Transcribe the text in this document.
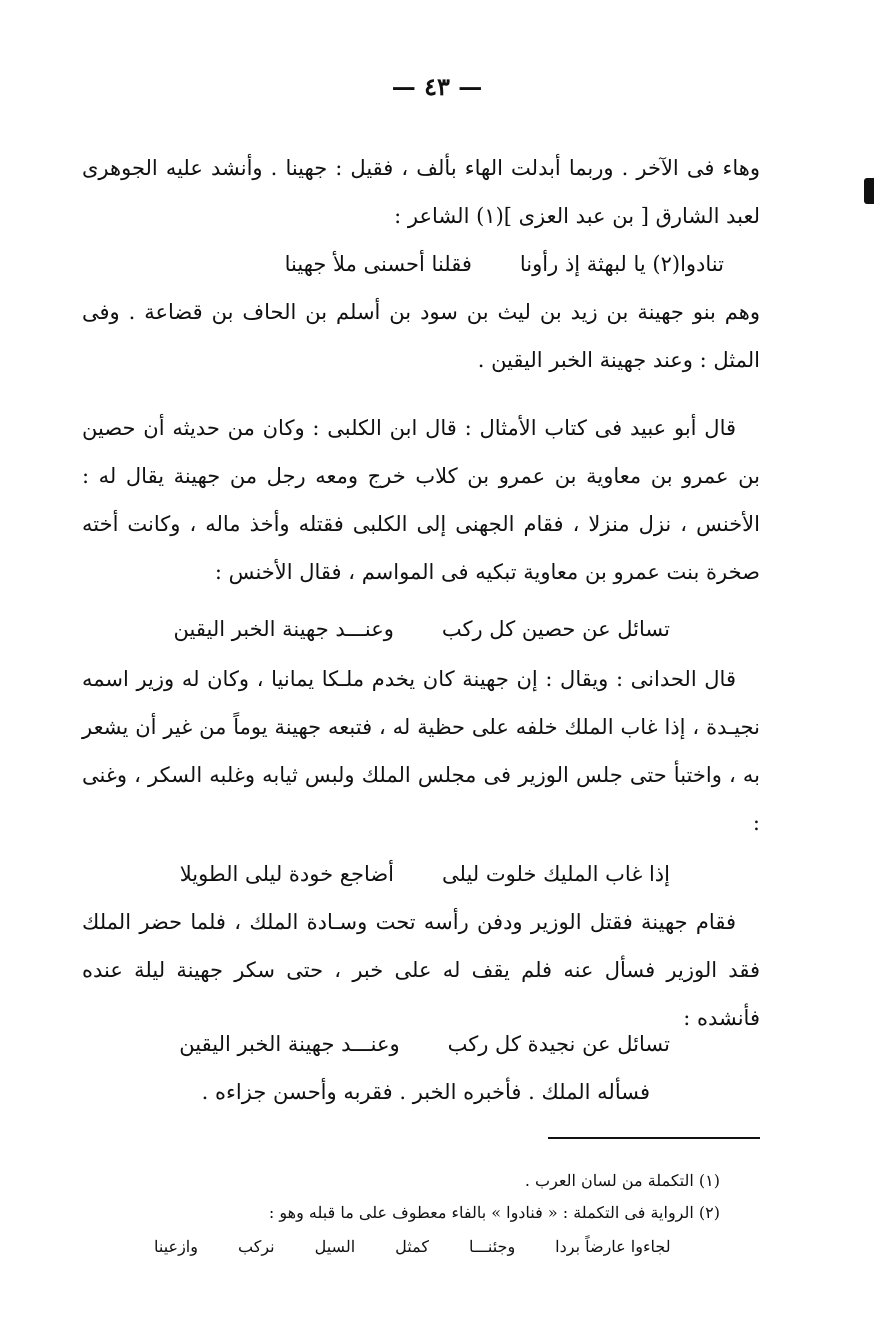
— ٤٣ —

وهاء فى الآخر . وربما أبدلت الهاء بألف ، فقيل : جهينا . وأنشد عليه الجوهرى لعبد الشارق [ بن عبد العزى ](١) الشاعر :

تنادوا(٢) يا لبهثة إذ رأونا
فقلنا أحسنى ملأ جهينا

وهم بنو جهينة بن زيد بن ليث بن سود بن أسلم بن الحاف بن قضاعة . وفى المثل : وعند جهينة الخبر اليقين .

قال أبو عبيد فى كتاب الأمثال : قال ابن الكلبى : وكان من حديثه أن حصين بن عمرو بن معاوية بن عمرو بن كلاب خرج ومعه رجل من جهينة يقال له : الأخنس ، نزل منزلا ، فقام الجهنى إلى الكلبى فقتله وأخذ ماله ، وكانت أخته صخرة بنت عمرو بن معاوية تبكيه فى المواسم ، فقال الأخنس :

تسائل عن حصين كل ركب
وعنـــد جهينة الخبر اليقين

قال الحدانى : ويقال : إن جهينة كان يخدم ملـكا يمانيا ، وكان له وزير اسمه نجيـدة ، إذا غاب الملك خلفه على حظية له ، فتبعه جهينة يوماً من غير أن يشعر به ، واختبأ حتى جلس الوزير فى مجلس الملك ولبس ثيابه وغلبه السكر ، وغنى :

إذا غاب المليك خلوت ليلى
أضاجع خودة ليلى الطويلا

فقام جهينة فقتل الوزير ودفن رأسه تحت وسـادة الملك ، فلما حضر الملك فقد الوزير فسأل عنه فلم يقف له على خبر ، حتى سكر جهينة ليلة عنده فأنشده :

تسائل عن نجيدة كل ركب
وعنـــد جهينة الخبر اليقين

فسأله الملك . فأخبره الخبر . فقربه وأحسن جزاءه .

(١) التكملة من لسان العرب .
(٢) الرواية فى التكملة : « فنادوا » بالفاء معطوف على ما قبله وهو :
لجاءوا عارضاً بردا
وجئنـــا
كمثل
السيل
نركب
وازعينا
